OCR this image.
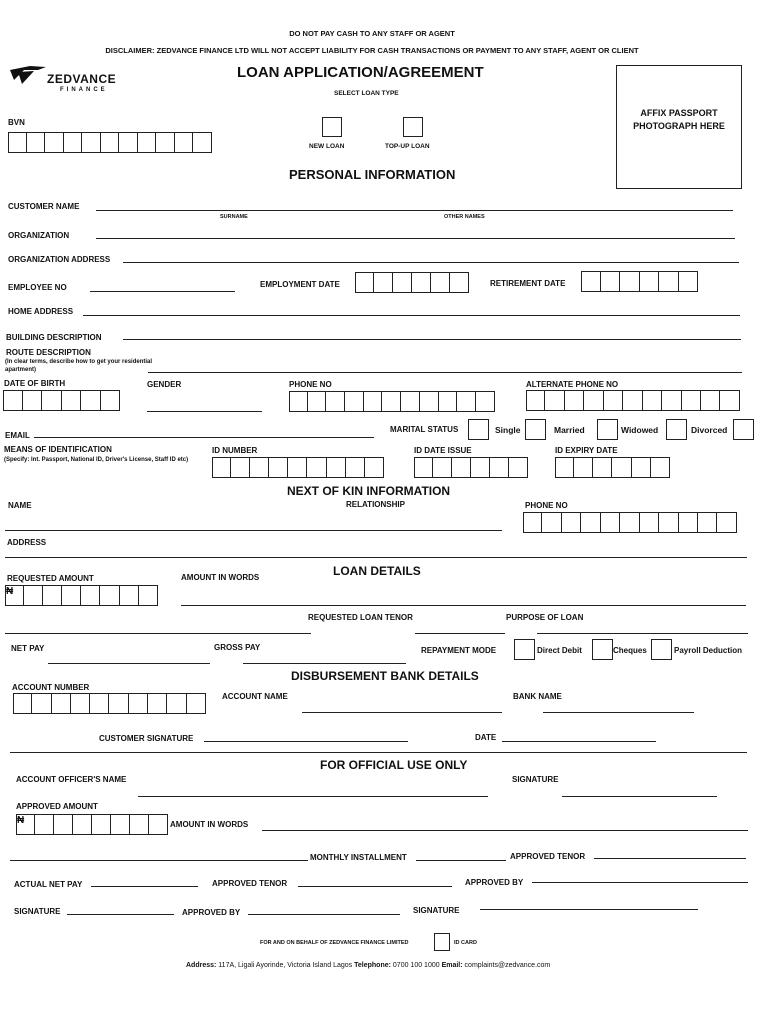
DO NOT PAY CASH TO ANY STAFF OR AGENT
DISCLAIMER: ZEDVANCE FINANCE LTD WILL NOT ACCEPT LIABILITY FOR CASH TRANSACTIONS OR PAYMENT TO ANY STAFF, AGENT OR CLIENT
ZEDVANCE
FINANCE
LOAN APPLICATION/AGREEMENT
SELECT LOAN TYPE
BVN
NEW LOAN	TOP-UP LOAN
AFFIX PASSPORT PHOTOGRAPH HERE
PERSONAL INFORMATION
CUSTOMER NAME
SURNAME	OTHER NAMES
ORGANIZATION
ORGANIZATION ADDRESS
EMPLOYEE NO	EMPLOYMENT DATE	RETIREMENT DATE
HOME ADDRESS
BUILDING DESCRIPTION
ROUTE DESCRIPTION
(In clear terms, describe how to get your residential apartment)
DATE OF BIRTH	GENDER	PHONE NO	ALTERNATE PHONE NO
EMAIL
MARITAL STATUS	Single	Married	Widowed	Divorced
MEANS OF IDENTIFICATION
(Specify: Int. Passport, National ID, Driver's License, Staff ID etc)
ID NUMBER	ID DATE ISSUE	ID EXPIRY DATE
NEXT OF KIN INFORMATION
NAME	RELATIONSHIP	PHONE NO
ADDRESS
REQUESTED AMOUNT
₦
AMOUNT IN WORDS	LOAN DETAILS
REQUESTED LOAN TENOR	PURPOSE OF LOAN
NET PAY	GROSS PAY	REPAYMENT MODE	Direct Debit	Cheques	Payroll Deduction
DISBURSEMENT BANK DETAILS
ACCOUNT NUMBER
ACCOUNT NAME	BANK NAME
CUSTOMER SIGNATURE	DATE
FOR OFFICIAL USE ONLY
ACCOUNT OFFICER'S NAME	SIGNATURE
APPROVED AMOUNT
₦	AMOUNT IN WORDS
MONTHLY INSTALLMENT	APPROVED TENOR
ACTUAL NET PAY	APPROVED TENOR	APPROVED BY
SIGNATURE	APPROVED BY	SIGNATURE
FOR AND ON BEHALF OF ZEDVANCE FINANCE LIMITED	ID CARD
Address: 117A, Ligali Ayorinde, Victoria Island Lagos Telephone: 0700 100 1000 Email: complaints@zedvance.com
